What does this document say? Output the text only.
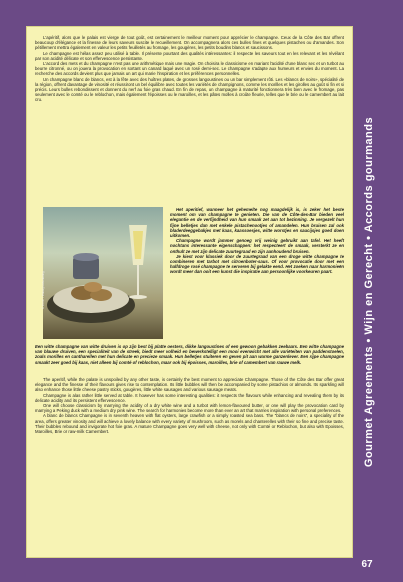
L'apéritif, alors que le palais est vierge de tout goût, est certainement le meilleur moment pour apprécier le champagne. Ceux de la Côte des Bar offrent beaucoup d'élégance et la finesse de leurs saveurs suscite le recueillement. On accompagnera alors ces bulles fines et quelques pistaches ou d'amandes. Son pétillement mettra également en valeur les petits feuilletés au fromage, les gougères, les petits boudins blancs et saucissons.

Le champagne est hélas assez peu utilisé à table. Il présente pourtant des qualités intéressantes: il respecte les saveurs tout en les relevant et les révélant par son acidité délicate et son effervescence persistante.

L'accord des mets et du champagne n'est pas une arithmétique mais une magie. On choisira le classicisme en mariant l'acidité d'une blanc sec et un turbot au beurre citronné, ou on jouera la provocation en sortant un canard laqué avec un rosé demi-sec. Le champagne s'adapte aux humeurs et envies du moment. La recherche des accords devient plus que jamais un art qui marie l'inspiration et les préférences personnelles.

Un champagne blanc de blancs, est à la fête avec des huîtres plates, de grosses langoustines ou un bar simplement rôti. Les «blancs de noirs», spécialité de la région, offrent davantage de vinosité et réussiront un bel équilibre avec toutes les variétés de champignons, comme les morilles et les girolles au goût si fin et si précis. Leurs bulles rebondissent et donnent du nerf au foie gras chaud. En fin de repas, un champagne à maturité fonctionnera très bien avec le fromage, pas seulement avec le comté ou le reblochon, mais également l'époisses ou le maroilles, et les pâtes molles à croûte fleurie, telles que le brie ou le camembert au lait cru.

© CIVC / Pdesign-Marketing

Het aperitief, wanneer het gehemelte nog maagdelijk is, is zeker het beste moment om van champagne te genieten. Die van de Côte-des-Bar bieden veel elegantie en de verfijndheid van hun smaak zet aan tot bezinning. Je vergezelt hun fijne belletjes dan met enkele pistachenootjes of amandelen. Hun bruisen zal ook bladerdeeggebakjes met kaas, kaassoesjes, witte worstjes en saucijsjes goed doen uitkomen.

Champagne wordt jammer genoeg vrij weinig gebruikt aan tafel. Het heeft nochtans interessante eigenschappen: het respecteert de smaak, versterkt ze en onthult ze met zijn delicate zuurtegraad en zijn aanhoudend bruisen.

Je kiest voor klassiek door de zuurtegraad van een droge witte champagne te combineren met tarbot met citroenboter-saus. Of voor provocatie door met een halfdroge rosé champagne te serveren bij gelakte eend. Het zoeken naar harmonieën wordt meer dan ooit een kunst die inspiratie aan persoonlijke voorkeuren paart.

Een witte champagne van witte druiven is op zijn best bij platte oesters, dikke langoustines of een gewoon gebakken zeebaars. Een witte champagne van blauwe druiven, een specialiteit van de streek, biedt meer volheid en bewerkstelligt een mooi evenwicht met alle variëteiten van paddenstoelen, zoals morilles en cantharellen met hun delicate en precieze smaak. Hun belletjes stuiteren en geven pit aan warme ganzenlever. Een rijpe champagne smaakt zeer goed bij kaas, niet alleen bij comté of reblochon, maar ook bij époisses, maroilles, brie of camembert van rauwe melk.

The aperitif, while the palate is unspoiled by any other taste, is certainly the best moment to appreciate Champagne. Those of the Côte des Bar offer great elegance and the finesse of their flavours gives rise to contemplation. Its little bubbles will then be accompanied by some pistachios or almonds. Its sparkling will also enhance those little cheese pastry sticks, gougères, little white sausages and various sausage meats.

Champagne is alas rather little served at table. It however has some interesting qualities: it respects the flavours while enhancing and revealing them by its delicate acidity and its persistent effervescence.

One will choose classicism by marrying the acidity of a dry white wine and a turbot with lemon-flavoured butter, or one will play the provocation card by marrying a Peking duck with a medium dry pink wine. The search for harmonies become more than ever an art that marries inspiration with personal preferences.

A blanc de blancs Champagne is in seventh heaven with flat oysters, large crawfish or a simply roasted sea bass. The “blancs de noirs”, a speciality of the area, offers greater vinosity and will achieve a lovely balance with every variety of mushroom, such as morels and chanterelles with their so fine and precise taste. Their bubbles rebound and invigorate hot foie gras. A mature Champagne goes very well with cheese, not only with Comté or Reblochon, but also with Epoisses, Maroilles, Brie or raw-milk Camembert.	Gourmet Agreements • Wijn en Gerecht • Accords gourmands
67
